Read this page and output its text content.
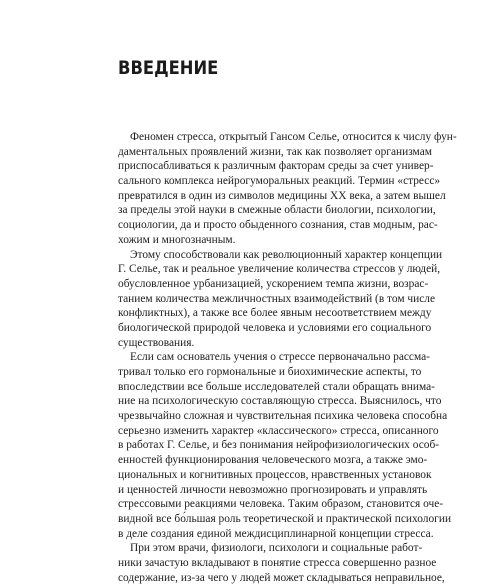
ВВЕДЕНИЕ
Феномен стресса, открытый Гансом Селье, относится к числу фун-
даментальных проявлений жизни, так как позволяет организмам
приспосабливаться к различным факторам среды за счет универ-
сального комплекса нейрогуморальных реакций. Термин «стресс»
превратился в один из символов медицины XX века, а затем вышел
за пределы этой науки в смежные области биологии, психологии,
социологии, да и просто обыденного сознания, став модным, рас-
хожим и многозначным.
Этому способствовали как революционный характер концепции
Г. Селье, так и реальное увеличение количества стрессов у людей,
обусловленное урбанизацией, ускорением темпа жизни, возрас-
танием количества межличностных взаимодействий (в том числе
конфликтных), а также все более явным несоответствием между
биологической природой человека и условиями его социального
существования.
Если сам основатель учения о стрессе первоначально рассма-
тривал только его гормональные и биохимические аспекты, то
впоследствии все больше исследователей стали обращать внима-
ние на психологическую составляющую стресса. Выяснилось, что
чрезвычайно сложная и чувствительная психика человека способна
серьезно изменить характер «классического» стресса, описанного
в работах Г. Селье, и без понимания нейрофизиологических особ-
енностей функционирования человеческого мозга, а также эмо-
циональных и когнитивных процессов, нравственных установок
и ценностей личности невозможно прогнозировать и управлять
стрессовыми реакциями человека. Таким образом, становится оче-
видной все бо́льшая роль теоретической и практической психологии
в деле создания единой междисциплинарной концепции стресса.
При этом врачи, физиологи, психологи и социальные работ-
ники зачастую вкладывают в понятие стресса совершенно разное
содержание, из-за чего у людей может складываться неправильное,
